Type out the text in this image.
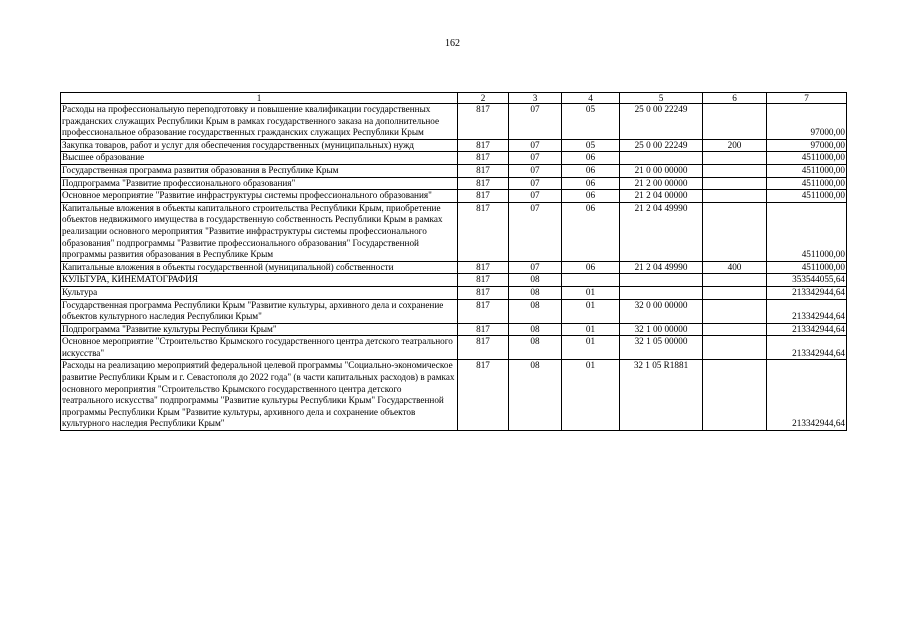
162
1	2	3	4	5	6	7
Расходы на профессиональную переподготовку и повышение квалификации государственных гражданских служащих Республики Крым в рамках государственного заказа на дополнительное профессиональное образование государственных гражданских служащих Республики Крым	817	07	05	25 0 00 22249		97000,00
Закупка товаров, работ и услуг для обеспечения государственных (муниципальных) нужд	817	07	05	25 0 00 22249	200	97000,00
Высшее образование	817	07	06			4511000,00
Государственная программа развития образования в Республике Крым	817	07	06	21 0 00 00000		4511000,00
Подпрограмма "Развитие профессионального образования"	817	07	06	21 2 00 00000		4511000,00
Основное мероприятие "Развитие инфраструктуры системы профессионального образования"	817	07	06	21 2 04 00000		4511000,00
Капитальные вложения в объекты капитального строительства Республики Крым, приобретение объектов недвижимого имущества в государственную собственность Республики Крым в рамках реализации основного мероприятия "Развитие инфраструктуры системы профессионального образования" подпрограммы "Развитие профессионального образования" Государственной программы развития образования в Республике Крым	817	07	06	21 2 04 49990		4511000,00
Капитальные вложения в объекты государственной (муниципальной) собственности	817	07	06	21 2 04 49990	400	4511000,00
КУЛЬТУРА, КИНЕМАТОГРАФИЯ	817	08				353544055,64
Культура	817	08	01			213342944,64
Государственная программа Республики Крым "Развитие культуры, архивного дела и сохранение объектов культурного наследия Республики Крым"	817	08	01	32 0 00 00000		213342944,64
Подпрограмма "Развитие культуры Республики Крым"	817	08	01	32 1 00 00000		213342944,64
Основное мероприятие "Строительство Крымского государственного центра детского театрального искусства"	817	08	01	32 1 05 00000		213342944,64
Расходы на реализацию мероприятий федеральной целевой программы "Социально-экономическое развитие Республики Крым и г. Севастополя до 2022 года" (в части капитальных расходов) в рамках основного мероприятия "Строительство Крымского государственного центра детского театрального искусства" подпрограммы "Развитие культуры Республики Крым" Государственной программы Республики Крым "Развитие культуры, архивного дела и сохранение объектов культурного наследия Республики Крым"	817	08	01	32 1 05 R1881		213342944,64
